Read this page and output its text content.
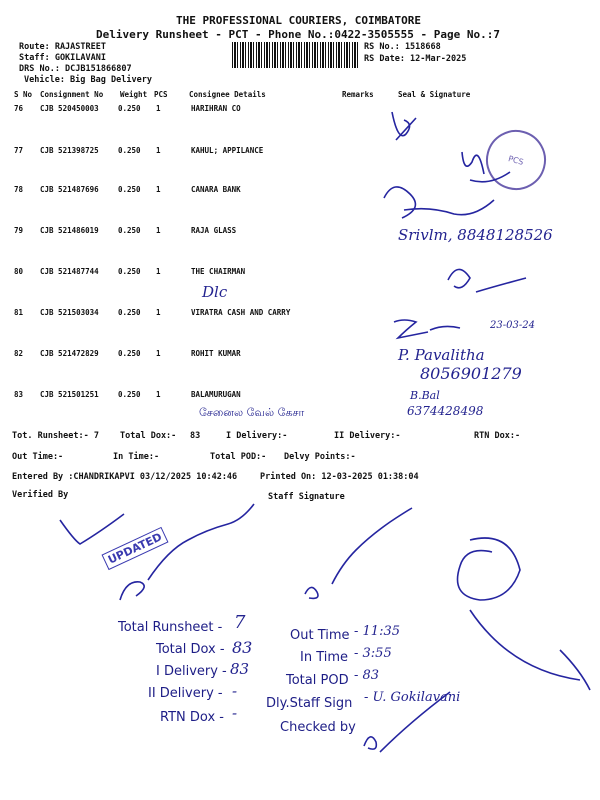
THE PROFESSIONAL COURIERS, COIMBATORE
Delivery Runsheet - PCT - Phone No.:0422-3505555 - Page No.:7
Route: RAJASTREET
Staff: GOKILAVANI
DRS No.: DCJB151866807
Vehicle: Big Bag Delivery
RS No.: 1518668
RS Date: 12-Mar-2025
S No Consignment No Weight PCS	Consignee Details	Remarks	Seal & Signature
76 CJB 520450003	0.250 1	HARIHRAN CO
77 CJB 521398725	0.250 1	KAHUL; APPILANCE
78 CJB 521487696	0.250 1	CANARA BANK
79 CJB 521486019	0.250 1	RAJA GLASS
80 CJB 521487744	0.250 1	THE CHAIRMAN
81 CJB 521503034	0.250 1	VIRATRA CASH AND CARRY
82 CJB 521472829	0.250 1	ROHIT KUMAR
83 CJB 521501251	0.250 1	BALAMURUGAN
PCS
Dlc
Srivlm, 8848128526
23-03-24
P. Pavalitha
8056901279
B.Bal
6374428498
சேனைல வேல் கேசா
Tot. Runsheet:- 7 Total Dox:- 83	I Delivery:-	II Delivery:-	RTN Dox:-
Out Time:-	In Time:-	Total POD:- Delvy Points:-
Entered By :CHANDRIKAPVI 03/12/2025 10:42:46	Printed On: 12-03-2025 01:38:04
Verified By	Staff Signature
UPDATED
Total Runsheet - 7
Total Dox - 83
I Delivery - 83
II Delivery - -
RTN Dox - -
Out Time - 11:35
In Time - 3:55
Total POD - 83
Dly.Staff Sign - U. Gokilavani
Checked by
